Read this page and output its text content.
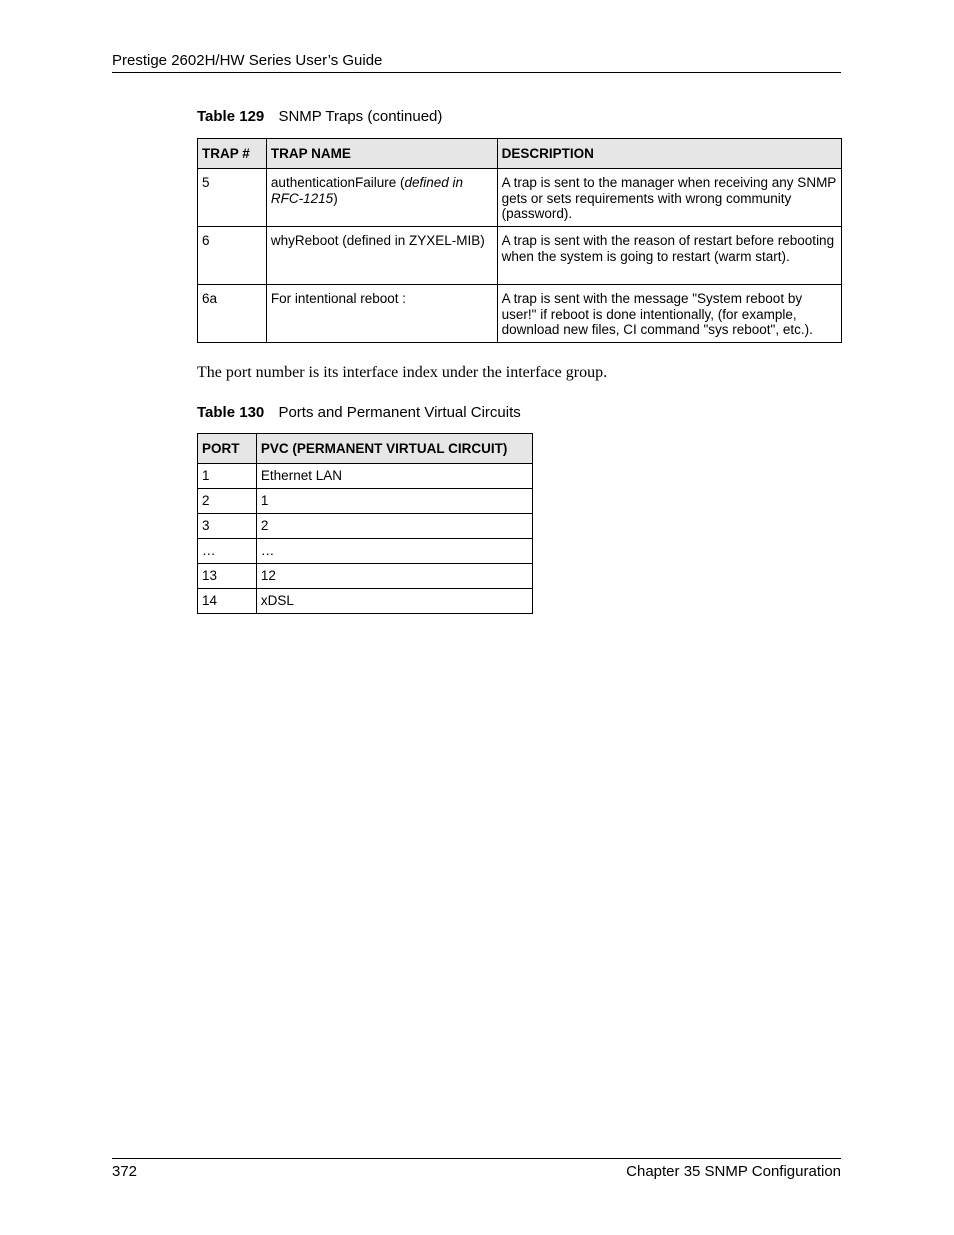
Prestige 2602H/HW Series User’s Guide
Table 129 SNMP Traps (continued)
TRAP #	TRAP NAME	DESCRIPTION
5	authenticationFailure (defined in RFC-1215)	A trap is sent to the manager when receiving any SNMP gets or sets requirements with wrong community (password).
6	whyReboot (defined in ZYXEL-MIB)	A trap is sent with the reason of restart before rebooting when the system is going to restart (warm start).
6a	For intentional reboot :	A trap is sent with the message "System reboot by user!" if reboot is done intentionally, (for example, download new files, CI command "sys reboot", etc.).
The port number is its interface index under the interface group.
Table 130 Ports and Permanent Virtual Circuits
PORT	PVC (PERMANENT VIRTUAL CIRCUIT)
1	Ethernet LAN
2	1
3	2
…	…
13	12
14	xDSL
372	Chapter 35 SNMP Configuration
